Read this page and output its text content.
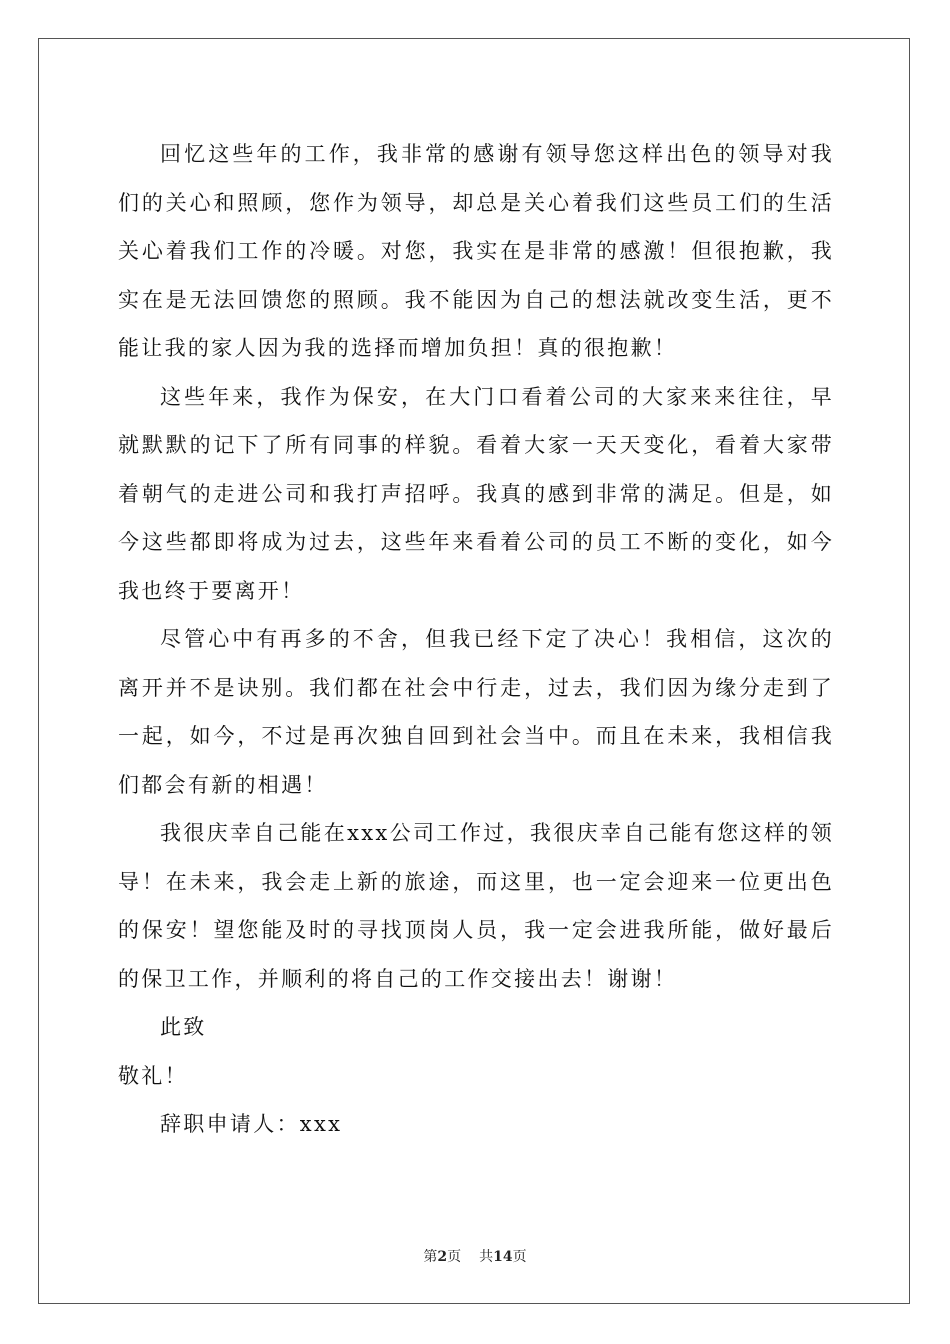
回忆这些年的工作，我非常的感谢有领导您这样出色的领导对我们的关心和照顾，您作为领导，却总是关心着我们这些员工们的生活关心着我们工作的冷暖。对您，我实在是非常的感激！但很抱歉，我实在是无法回馈您的照顾。我不能因为自己的想法就改变生活，更不能让我的家人因为我的选择而增加负担！真的很抱歉！

这些年来，我作为保安，在大门口看着公司的大家来来往往，早就默默的记下了所有同事的样貌。看着大家一天天变化，看着大家带着朝气的走进公司和我打声招呼。我真的感到非常的满足。但是，如今这些都即将成为过去，这些年来看着公司的员工不断的变化，如今我也终于要离开！

尽管心中有再多的不舍，但我已经下定了决心！我相信，这次的离开并不是诀别。我们都在社会中行走，过去，我们因为缘分走到了一起，如今，不过是再次独自回到社会当中。而且在未来，我相信我们都会有新的相遇！

我很庆幸自己能在xxx公司工作过，我很庆幸自己能有您这样的领导！在未来，我会走上新的旅途，而这里，也一定会迎来一位更出色的保安！望您能及时的寻找顶岗人员，我一定会进我所能，做好最后的保卫工作，并顺利的将自己的工作交接出去！谢谢！

此致

敬礼！

辞职申请人：xxx

第2页 共14页
